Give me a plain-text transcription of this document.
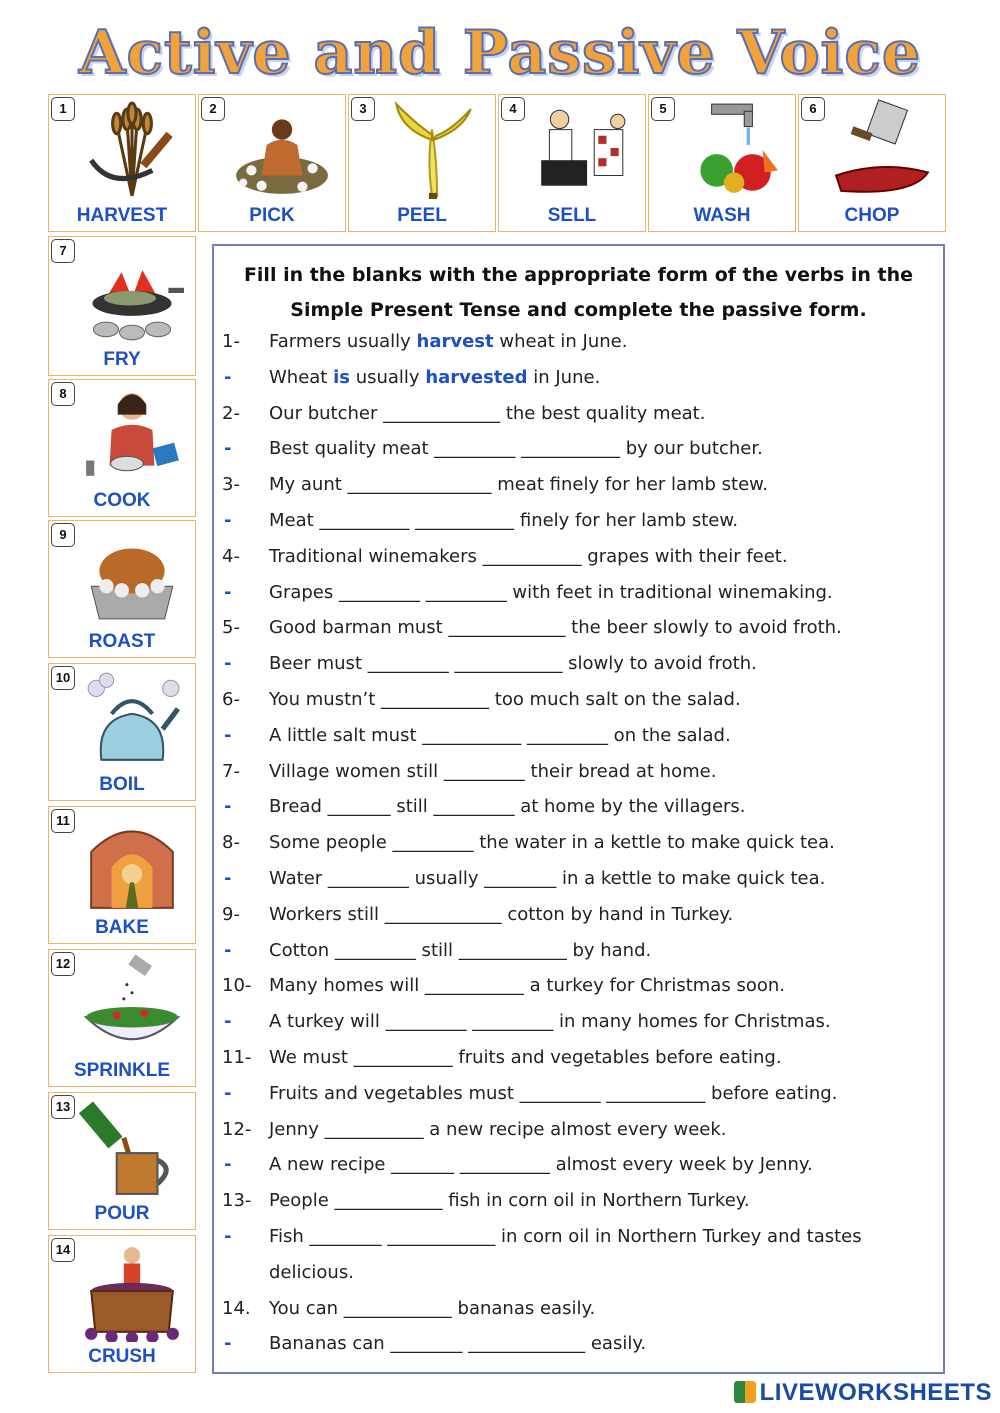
Active and Passive Voice
1
HARVEST
2
PICK
3
PEEL
4
SELL
5
WASH
6
CHOP
7
FRY
8
COOK
9
ROAST
10
BOIL
11
BAKE
12
SPRINKLE
13
POUR
14
CRUSH
Fill in the blanks with the appropriate form of the verbs in the Simple Present Tense and complete the passive form.
1-	Farmers usually harvest wheat in June.
-	Wheat is usually harvested in June.
2-	Our butcher _____________ the best quality meat.
-	Best quality meat _________ ___________ by our butcher.
3-	My aunt ________________ meat finely for her lamb stew.
-	Meat __________ ___________ finely for her lamb stew.
4-	Traditional winemakers ___________ grapes with their feet.
-	Grapes _________ _________ with feet in traditional winemaking.
5-	Good barman must _____________ the beer slowly to avoid froth.
-	Beer must _________ ____________ slowly to avoid froth.
6-	You mustn’t ____________ too much salt on the salad.
-	A little salt must ___________ _________ on the salad.
7-	Village women still _________ their bread at home.
-	Bread _______ still _________ at home by the villagers.
8-	Some people _________ the water in a kettle to make quick tea.
-	Water _________ usually ________ in a kettle to make quick tea.
9-	Workers still _____________ cotton by hand in Turkey.
-	Cotton _________ still ____________ by hand.
10- Many homes will ___________ a turkey for Christmas soon.
-	A turkey will _________ _________ in many homes for Christmas.
11- We must ___________ fruits and vegetables before eating.
-	Fruits and vegetables must _________ ___________ before eating.
12- Jenny ___________ a new recipe almost every week.
-	A new recipe _______ __________ almost every week by Jenny.
13- People ____________ fish in corn oil in Northern Turkey.
-	Fish ________ ____________ in corn oil in Northern Turkey and tastes
delicious.
14.	You can ____________ bananas easily.
-	Bananas can ________ _____________ easily.
LIVEWORKSHEETS
